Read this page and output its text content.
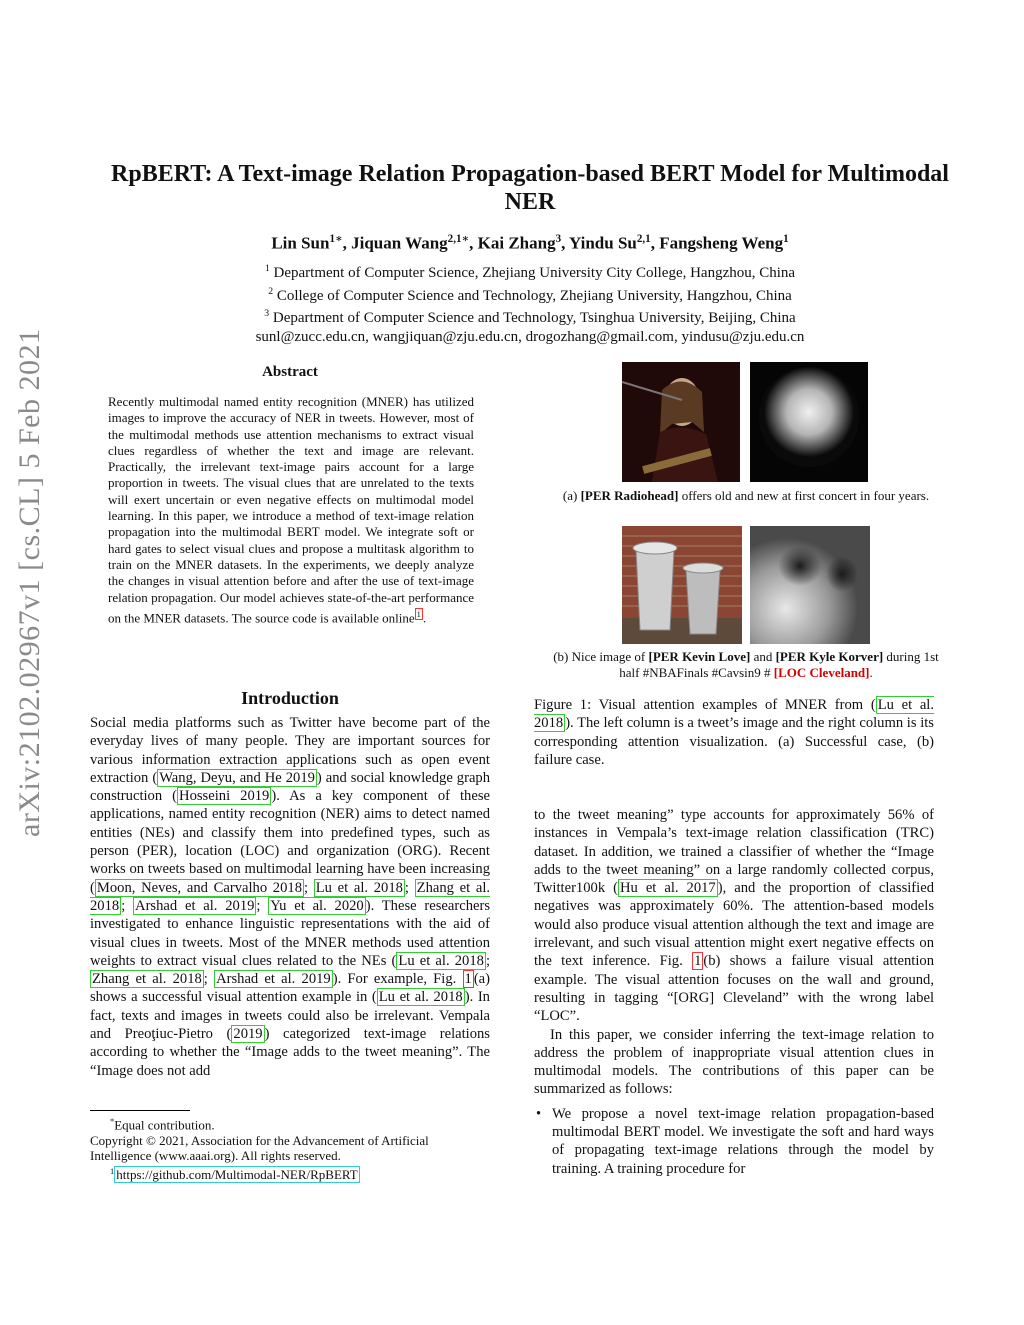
arXiv:2102.02967v1 [cs.CL] 5 Feb 2021
RpBERT: A Text-image Relation Propagation-based BERT Model for Multimodal
NER
Lin Sun$^{1∗}$, Jiquan Wang$^{2,1∗}$, Kai Zhang$^3$, Yindu Su$^{2,1}$, Fangsheng Weng$^1$
$^1$ Department of Computer Science, Zhejiang University City College, Hangzhou, China
$^2$ College of Computer Science and Technology, Zhejiang University, Hangzhou, China
$^3$ Department of Computer Science and Technology, Tsinghua University, Beijing, China
sunl@zucc.edu.cn, wangjiquan@zju.edu.cn, drogozhang@gmail.com, yindusu@zju.edu.cn
Abstract
Recently multimodal named entity recognition (MNER) has utilized images to improve the accuracy of NER in tweets. However, most of the multimodal methods use attention mechanisms to extract visual clues regardless of whether the text and image are relevant. Practically, the irrelevant text-image pairs account for a large proportion in tweets. The visual clues that are unrelated to the texts will exert uncertain or even negative effects on multimodal model learning. In this paper, we introduce a method of text-image relation propagation into the multimodal BERT model. We integrate soft or hard gates to select visual clues and propose a multitask algorithm to train on the MNER datasets. In the experiments, we deeply analyze the changes in visual attention before and after the use of text-image relation propagation. Our model achieves state-of-the-art performance on the MNER datasets. The source code is available online $^1$ .
Introduction
Social media platforms such as Twitter have become part of the everyday lives of many people. They are important sources for various information extraction applications such as open event extraction ( Wang, Deyu, and He 2019 ) and social knowledge graph construction ( Hosseini 2019 ). As a key component of these applications, named entity recognition (NER) aims to detect named entities (NEs) and classify them into predefined types, such as person (PER), location (LOC) and organization (ORG). Recent works on tweets based on multimodal learning have been increasing ( Moon, Neves, and Carvalho 2018 ; Lu et al. 2018 ; Zhang et al. 2018 ; Arshad et al. 2019 ; Yu et al. 2020 ). These researchers investigated to enhance linguistic representations with the aid of visual clues in tweets. Most of the MNER methods used attention weights to extract visual clues related to the NEs ( Lu et al. 2018 ; Zhang et al. 2018 ; Arshad et al. 2019 ). For example, Fig. 1 (a) shows a successful visual attention example in ( Lu et al. 2018 ). In fact, texts and images in tweets could also be irrelevant. Vempala and Preoţiuc-Pietro ( 2019 ) categorized text-image relations according to whether the “Image adds to the tweet meaning”. The “Image does not add
*Equal contribution.
Copyright © 2021, Association for the Advancement of Artificial Intelligence (www.aaai.org). All rights reserved.
$^1$ https://github.com/Multimodal-NER/RpBERT
(a) [PER Radiohead] offers old and new at first concert in four years.
(b) Nice image of [PER Kevin Love] and [PER Kyle Korver] during 1st half #NBAFinals #Cavsin9 # [LOC Cleveland].
Figure 1: Visual attention examples of MNER from ( Lu et al. 2018 ). The left column is a tweet’s image and the right column is its corresponding attention visualization. (a) Successful case, (b) failure case.
to the tweet meaning” type accounts for approximately 56% of instances in Vempala’s text-image relation classification (TRC) dataset. In addition, we trained a classifier of whether the “Image adds to the tweet meaning” on a large randomly collected corpus, Twitter100k ( Hu et al. 2017 ), and the proportion of classified negatives was approximately 60%. The attention-based models would also produce visual attention although the text and image are irrelevant, and such visual attention might exert negative effects on the text inference. Fig. 1 (b) shows a failure visual attention example. The visual attention focuses on the wall and ground, resulting in tagging “[ORG] Cleveland” with the wrong label “LOC”.
In this paper, we consider inferring the text-image relation to address the problem of inappropriate visual attention clues in multimodal models. The contributions of this paper can be summarized as follows:
• We propose a novel text-image relation propagation-based multimodal BERT model. We investigate the soft and hard ways of propagating text-image relations through the model by training. A training procedure for
